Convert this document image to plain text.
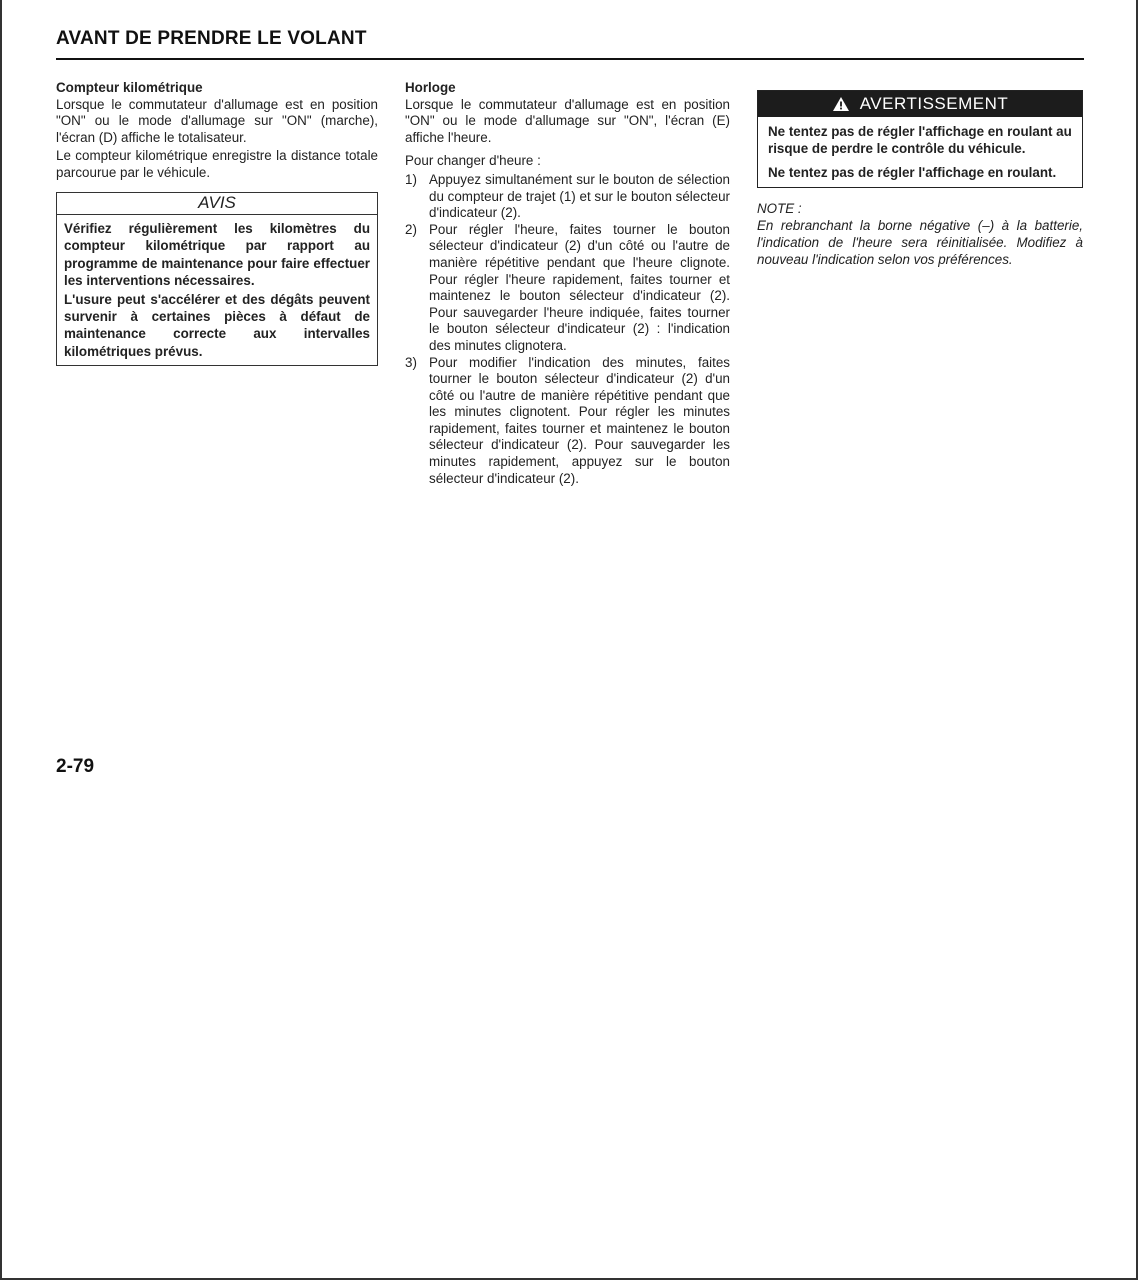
AVANT DE PRENDRE LE VOLANT
Compteur kilométrique

Lorsque le commutateur d'allumage est en position "ON" ou le mode d'allumage sur "ON" (marche), l'écran (D) affiche le totalisateur.

Le compteur kilométrique enregistre la distance totale parcourue par le véhicule.

AVIS

Vérifiez régulièrement les kilomètres du compteur kilométrique par rapport au programme de maintenance pour faire effectuer les interventions nécessaires.

L'usure peut s'accélérer et des dégâts peuvent survenir à certaines pièces à défaut de maintenance correcte aux intervalles kilométriques prévus.

Horloge

Lorsque le commutateur d'allumage est en position "ON" ou le mode d'allumage sur "ON", l'écran (E) affiche l'heure.

Pour changer d'heure :

1) Appuyez simultanément sur le bouton de sélection du compteur de trajet (1) et sur le bouton sélecteur d'indicateur (2).
2) Pour régler l'heure, faites tourner le bouton sélecteur d'indicateur (2) d'un côté ou l'autre de manière répétitive pendant que l'heure clignote. Pour régler l'heure rapidement, faites tourner et maintenez le bouton sélecteur d'indicateur (2). Pour sauvegarder l'heure indiquée, faites tourner le bouton sélecteur d'indicateur (2) : l'indication des minutes clignotera.
3) Pour modifier l'indication des minutes, faites tourner le bouton sélecteur d'indicateur (2) d'un côté ou l'autre de manière répétitive pendant que les minutes clignotent. Pour régler les minutes rapidement, faites tourner et maintenez le bouton sélecteur d'indicateur (2). Pour sauvegarder les minutes rapidement, appuyez sur le bouton sélecteur d'indicateur (2).
AVERTISSEMENT

Ne tentez pas de régler l'affichage en roulant au risque de perdre le contrôle du véhicule.

Ne tentez pas de régler l'affichage en roulant.

NOTE :

En rebranchant la borne négative (–) à la batterie, l'indication de l'heure sera réinitialisée. Modifiez à nouveau l'indication selon vos préférences.

2-79
